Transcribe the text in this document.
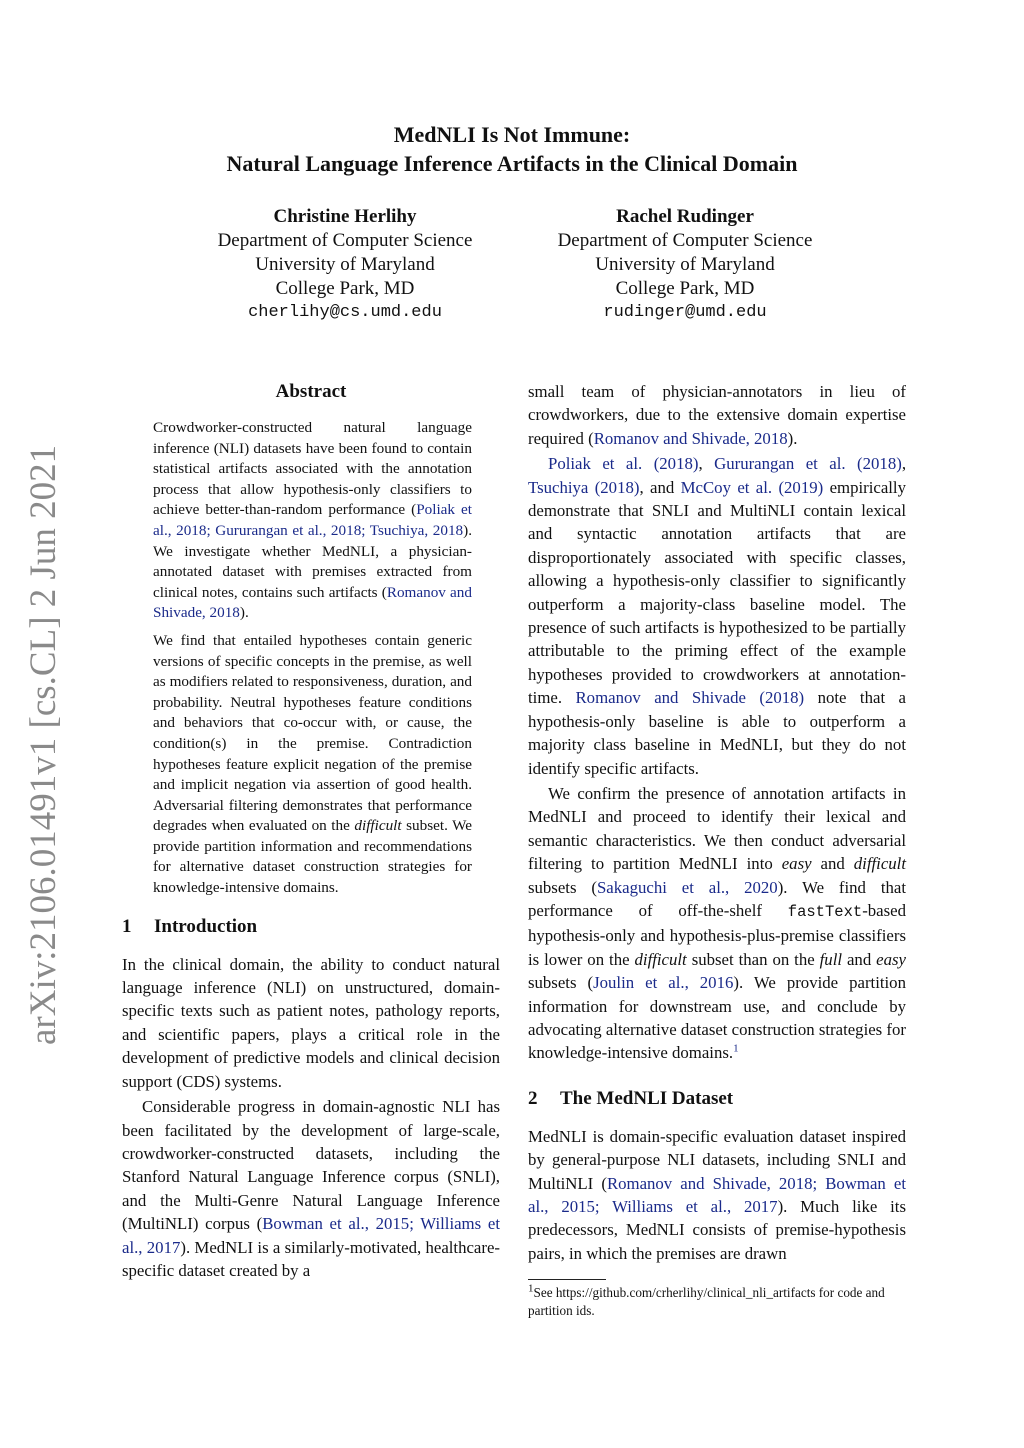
arXiv:2106.01491v1 [cs.CL] 2 Jun 2021
MedNLI Is Not Immune:
Natural Language Inference Artifacts in the Clinical Domain
Christine Herlihy
Department of Computer Science
University of Maryland
College Park, MD
cherlihy@cs.umd.edu
Rachel Rudinger
Department of Computer Science
University of Maryland
College Park, MD
rudinger@umd.edu
Abstract

Crowdworker-constructed natural language inference (NLI) datasets have been found to contain statistical artifacts associated with the annotation process that allow hypothesis-only classifiers to achieve better-than-random performance (Poliak et al., 2018; Gururangan et al., 2018; Tsuchiya, 2018). We investigate whether MedNLI, a physician-annotated dataset with premises extracted from clinical notes, contains such artifacts (Romanov and Shivade, 2018).

We find that entailed hypotheses contain generic versions of specific concepts in the premise, as well as modifiers related to responsiveness, duration, and probability. Neutral hypotheses feature conditions and behaviors that co-occur with, or cause, the condition(s) in the premise. Contradiction hypotheses feature explicit negation of the premise and implicit negation via assertion of good health. Adversarial filtering demonstrates that performance degrades when evaluated on the difficult subset. We provide partition information and recommendations for alternative dataset construction strategies for knowledge-intensive domains.

1 Introduction

In the clinical domain, the ability to conduct natural language inference (NLI) on unstructured, domain-specific texts such as patient notes, pathology reports, and scientific papers, plays a critical role in the development of predictive models and clinical decision support (CDS) systems.

Considerable progress in domain-agnostic NLI has been facilitated by the development of large-scale, crowdworker-constructed datasets, including the Stanford Natural Language Inference corpus (SNLI), and the Multi-Genre Natural Language Inference (MultiNLI) corpus (Bowman et al., 2015; Williams et al., 2017). MedNLI is a similarly-motivated, healthcare-specific dataset created by a

small team of physician-annotators in lieu of crowdworkers, due to the extensive domain expertise required (Romanov and Shivade, 2018).

Poliak et al. (2018), Gururangan et al. (2018), Tsuchiya (2018), and McCoy et al. (2019) empirically demonstrate that SNLI and MultiNLI contain lexical and syntactic annotation artifacts that are disproportionately associated with specific classes, allowing a hypothesis-only classifier to significantly outperform a majority-class baseline model. The presence of such artifacts is hypothesized to be partially attributable to the priming effect of the example hypotheses provided to crowdworkers at annotation-time. Romanov and Shivade (2018) note that a hypothesis-only baseline is able to outperform a majority class baseline in MedNLI, but they do not identify specific artifacts.

We confirm the presence of annotation artifacts in MedNLI and proceed to identify their lexical and semantic characteristics. We then conduct adversarial filtering to partition MedNLI into easy and difficult subsets (Sakaguchi et al., 2020). We find that performance of off-the-shelf fastText-based hypothesis-only and hypothesis-plus-premise classifiers is lower on the difficult subset than on the full and easy subsets (Joulin et al., 2016). We provide partition information for downstream use, and conclude by advocating alternative dataset construction strategies for knowledge-intensive domains.$^1$

2 The MedNLI Dataset

MedNLI is domain-specific evaluation dataset inspired by general-purpose NLI datasets, including SNLI and MultiNLI (Romanov and Shivade, 2018; Bowman et al., 2015; Williams et al., 2017). Much like its predecessors, MedNLI consists of premise-hypothesis pairs, in which the premises are drawn

$^1$See https://github.com/crherlihy/clinical_nli_artifacts for code and partition ids.
